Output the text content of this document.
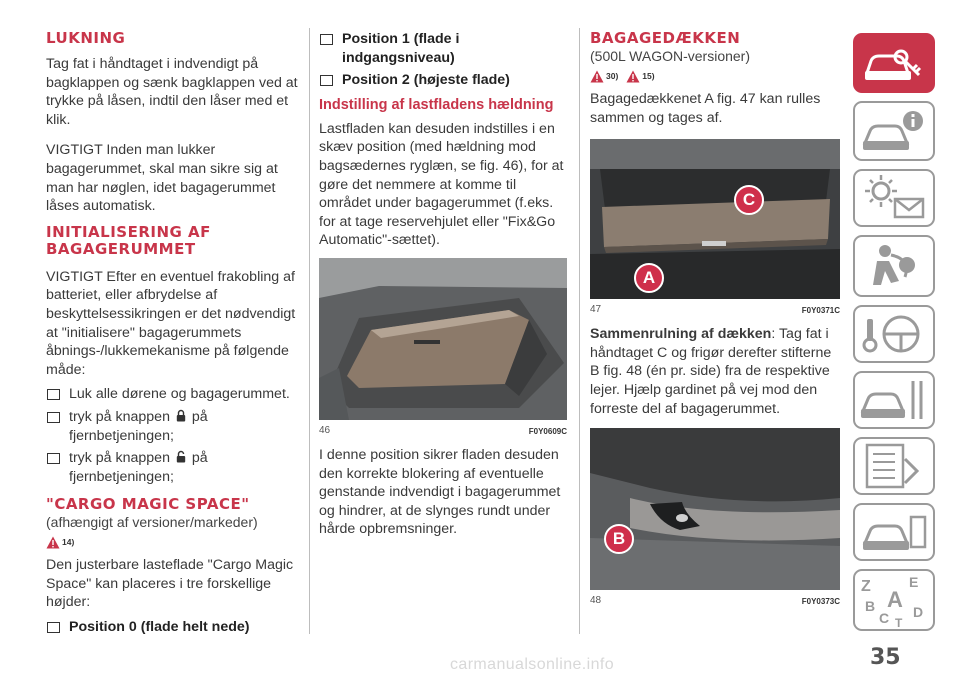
LUKNING

Tag fat i håndtaget i indvendigt på bagklappen og sænk bagklappen ved at trykke på låsen, indtil den låser med et klik.

VIGTIGT Inden man lukker bagagerummet, skal man sikre sig at man har nøglen, idet bagagerummet låses automatisk.

INITIALISERING AF BAGAGERUMMET

VIGTIGT Efter en eventuel frakobling af batteriet, eller afbrydelse af beskyttelsessikringen er det nødvendigt at "initialisere" bagagerummets åbnings-/lukkemekanisme på følgende måde:

Luk alle dørene og bagagerummet.
tryk på knappen på fjernbetjeningen;
tryk på knappen på fjernbetjeningen;
"CARGO MAGIC SPACE"

(afhængigt af versioner/markeder)

14)

Den justerbare lasteflade "Cargo Magic Space" kan placeres i tre forskellige højder:

Position 0 (flade helt nede)
Position 1 (flade i indgangsniveau)
Position 2 (højeste flade)
Indstilling af lastfladens hældning

Lastfladen kan desuden indstilles i en skæv position (med hældning mod bagsædernes ryglæn, se fig. 46), for at gøre det nemmere at komme til området under bagagerummet (f.eks. for at tage reservehjulet eller "Fix&Go Automatic"-sættet).

46	F0Y0609C

I denne position sikrer fladen desuden den korrekte blokering af eventuelle genstande indvendigt i bagagerummet og hindrer, at de slynges rundt under hårde opbremsninger.

BAGAGEDÆKKEN

(500L WAGON-versioner)

30)	15)

Bagagedækkenet A fig. 47 kan rulles sammen og tages af.

C
A
47	F0Y0371C

Sammenrulning af dækken: Tag fat i håndtaget C og frigør derefter stifterne B fig. 48 (én pr. side) fra de respektive lejer. Hjælp gardinet på vej mod den forreste del af bagagerummet.

B
48	F0Y0373C
Z	E
B A
C D
T
35
carmanualsonline.info
